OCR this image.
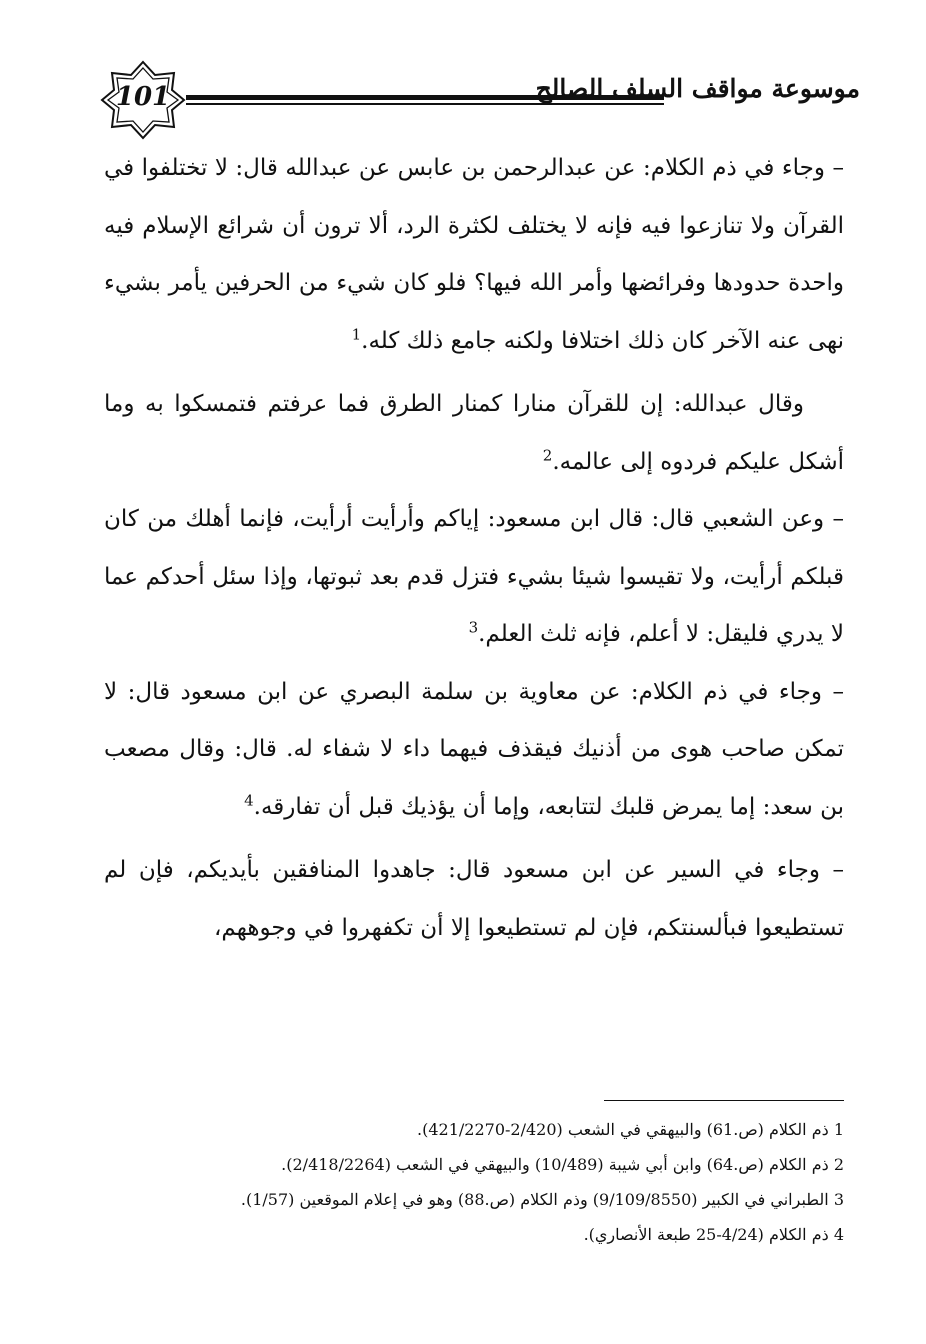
101	موسوعة مواقف السلف الصالح

– وجاء في ذم الكلام: عن عبدالرحمن بن عابس عن عبدالله قال: لا تختلفوا في القرآن ولا تنازعوا فيه فإنه لا يختلف لكثرة الرد، ألا ترون أن شرائع الإسلام فيه واحدة حدودها وفرائضها وأمر الله فيها؟ فلو كان شيء من الحرفين يأمر بشيء نهى عنه الآخر كان ذلك اختلافا ولكنه جامع ذلك كله.$^1$

وقال عبدالله: إن للقرآن منارا كمنار الطرق فما عرفتم فتمسكوا به وما أشكل عليكم فردوه إلى عالمه.$^2$

– وعن الشعبي قال: قال ابن مسعود: إياكم وأرأيت أرأيت، فإنما أهلك من كان قبلكم أرأيت، ولا تقيسوا شيئا بشيء فتزل قدم بعد ثبوتها، وإذا سئل أحدكم عما لا يدري فليقل: لا أعلم، فإنه ثلث العلم.$^3$

– وجاء في ذم الكلام: عن معاوية بن سلمة البصري عن ابن مسعود قال: لا تمكن صاحب هوى من أذنيك فيقذف فيهما داء لا شفاء له. قال: وقال مصعب بن سعد: إما يمرض قلبك لتتابعه، وإما أن يؤذيك قبل أن تفارقه.$^4$

– وجاء في السير عن ابن مسعود قال: جاهدوا المنافقين بأيديكم، فإن لم تستطيعوا فبألسنتكم، فإن لم تستطيعوا إلا أن تكفهروا في وجوههم،

1 ذم الكلام (ص.61) والبيهقي في الشعب (2/420-421/2270).

2 ذم الكلام (ص.64) وابن أبي شيبة (10/489) والبيهقي في الشعب (2/418/2264).

3 الطبراني في الكبير (9/109/8550) وذم الكلام (ص.88) وهو في إعلام الموقعين (1/57).

4 ذم الكلام (4/24-25 طبعة الأنصاري).
